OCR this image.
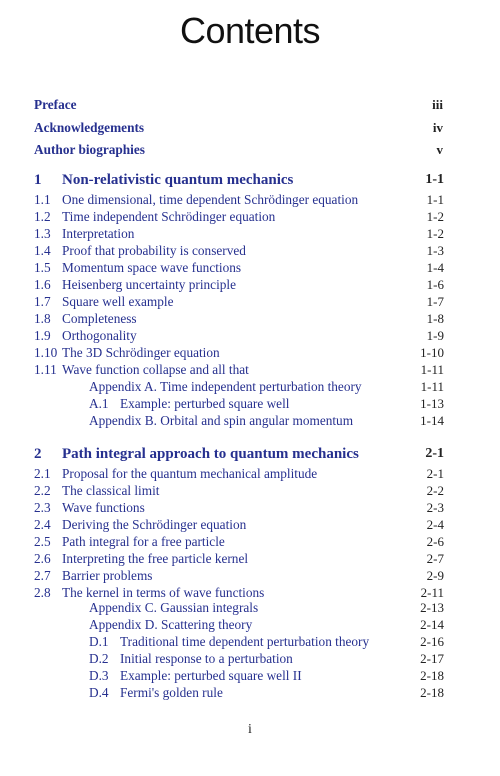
Contents
Preface	iii
Acknowledgements	iv
Author biographies	v
1 Non-relativistic quantum mechanics	1-1
1.1 One dimensional, time dependent Schrödinger equation	1-1
1.2 Time independent Schrödinger equation	1-2
1.3 Interpretation	1-2
1.4 Proof that probability is conserved	1-3
1.5 Momentum space wave functions	1-4
1.6 Heisenberg uncertainty principle	1-6
1.7 Square well example	1-7
1.8 Completeness	1-8
1.9 Orthogonality	1-9
1.10 The 3D Schrödinger equation	1-10
1.11 Wave function collapse and all that	1-11
Appendix A. Time independent perturbation theory	1-11
A.1 Example: perturbed square well	1-13
Appendix B. Orbital and spin angular momentum	1-14
2 Path integral approach to quantum mechanics	2-1
2.1 Proposal for the quantum mechanical amplitude	2-1
2.2 The classical limit	2-2
2.3 Wave functions	2-3
2.4 Deriving the Schrödinger equation	2-4
2.5 Path integral for a free particle	2-6
2.6 Interpreting the free particle kernel	2-7
2.7 Barrier problems	2-9
2.8 The kernel in terms of wave functions	2-11
Appendix C. Gaussian integrals	2-13
Appendix D. Scattering theory	2-14
D.1 Traditional time dependent perturbation theory	2-16
D.2 Initial response to a perturbation	2-17
D.3 Example: perturbed square well II	2-18
D.4 Fermi's golden rule	2-18
i
